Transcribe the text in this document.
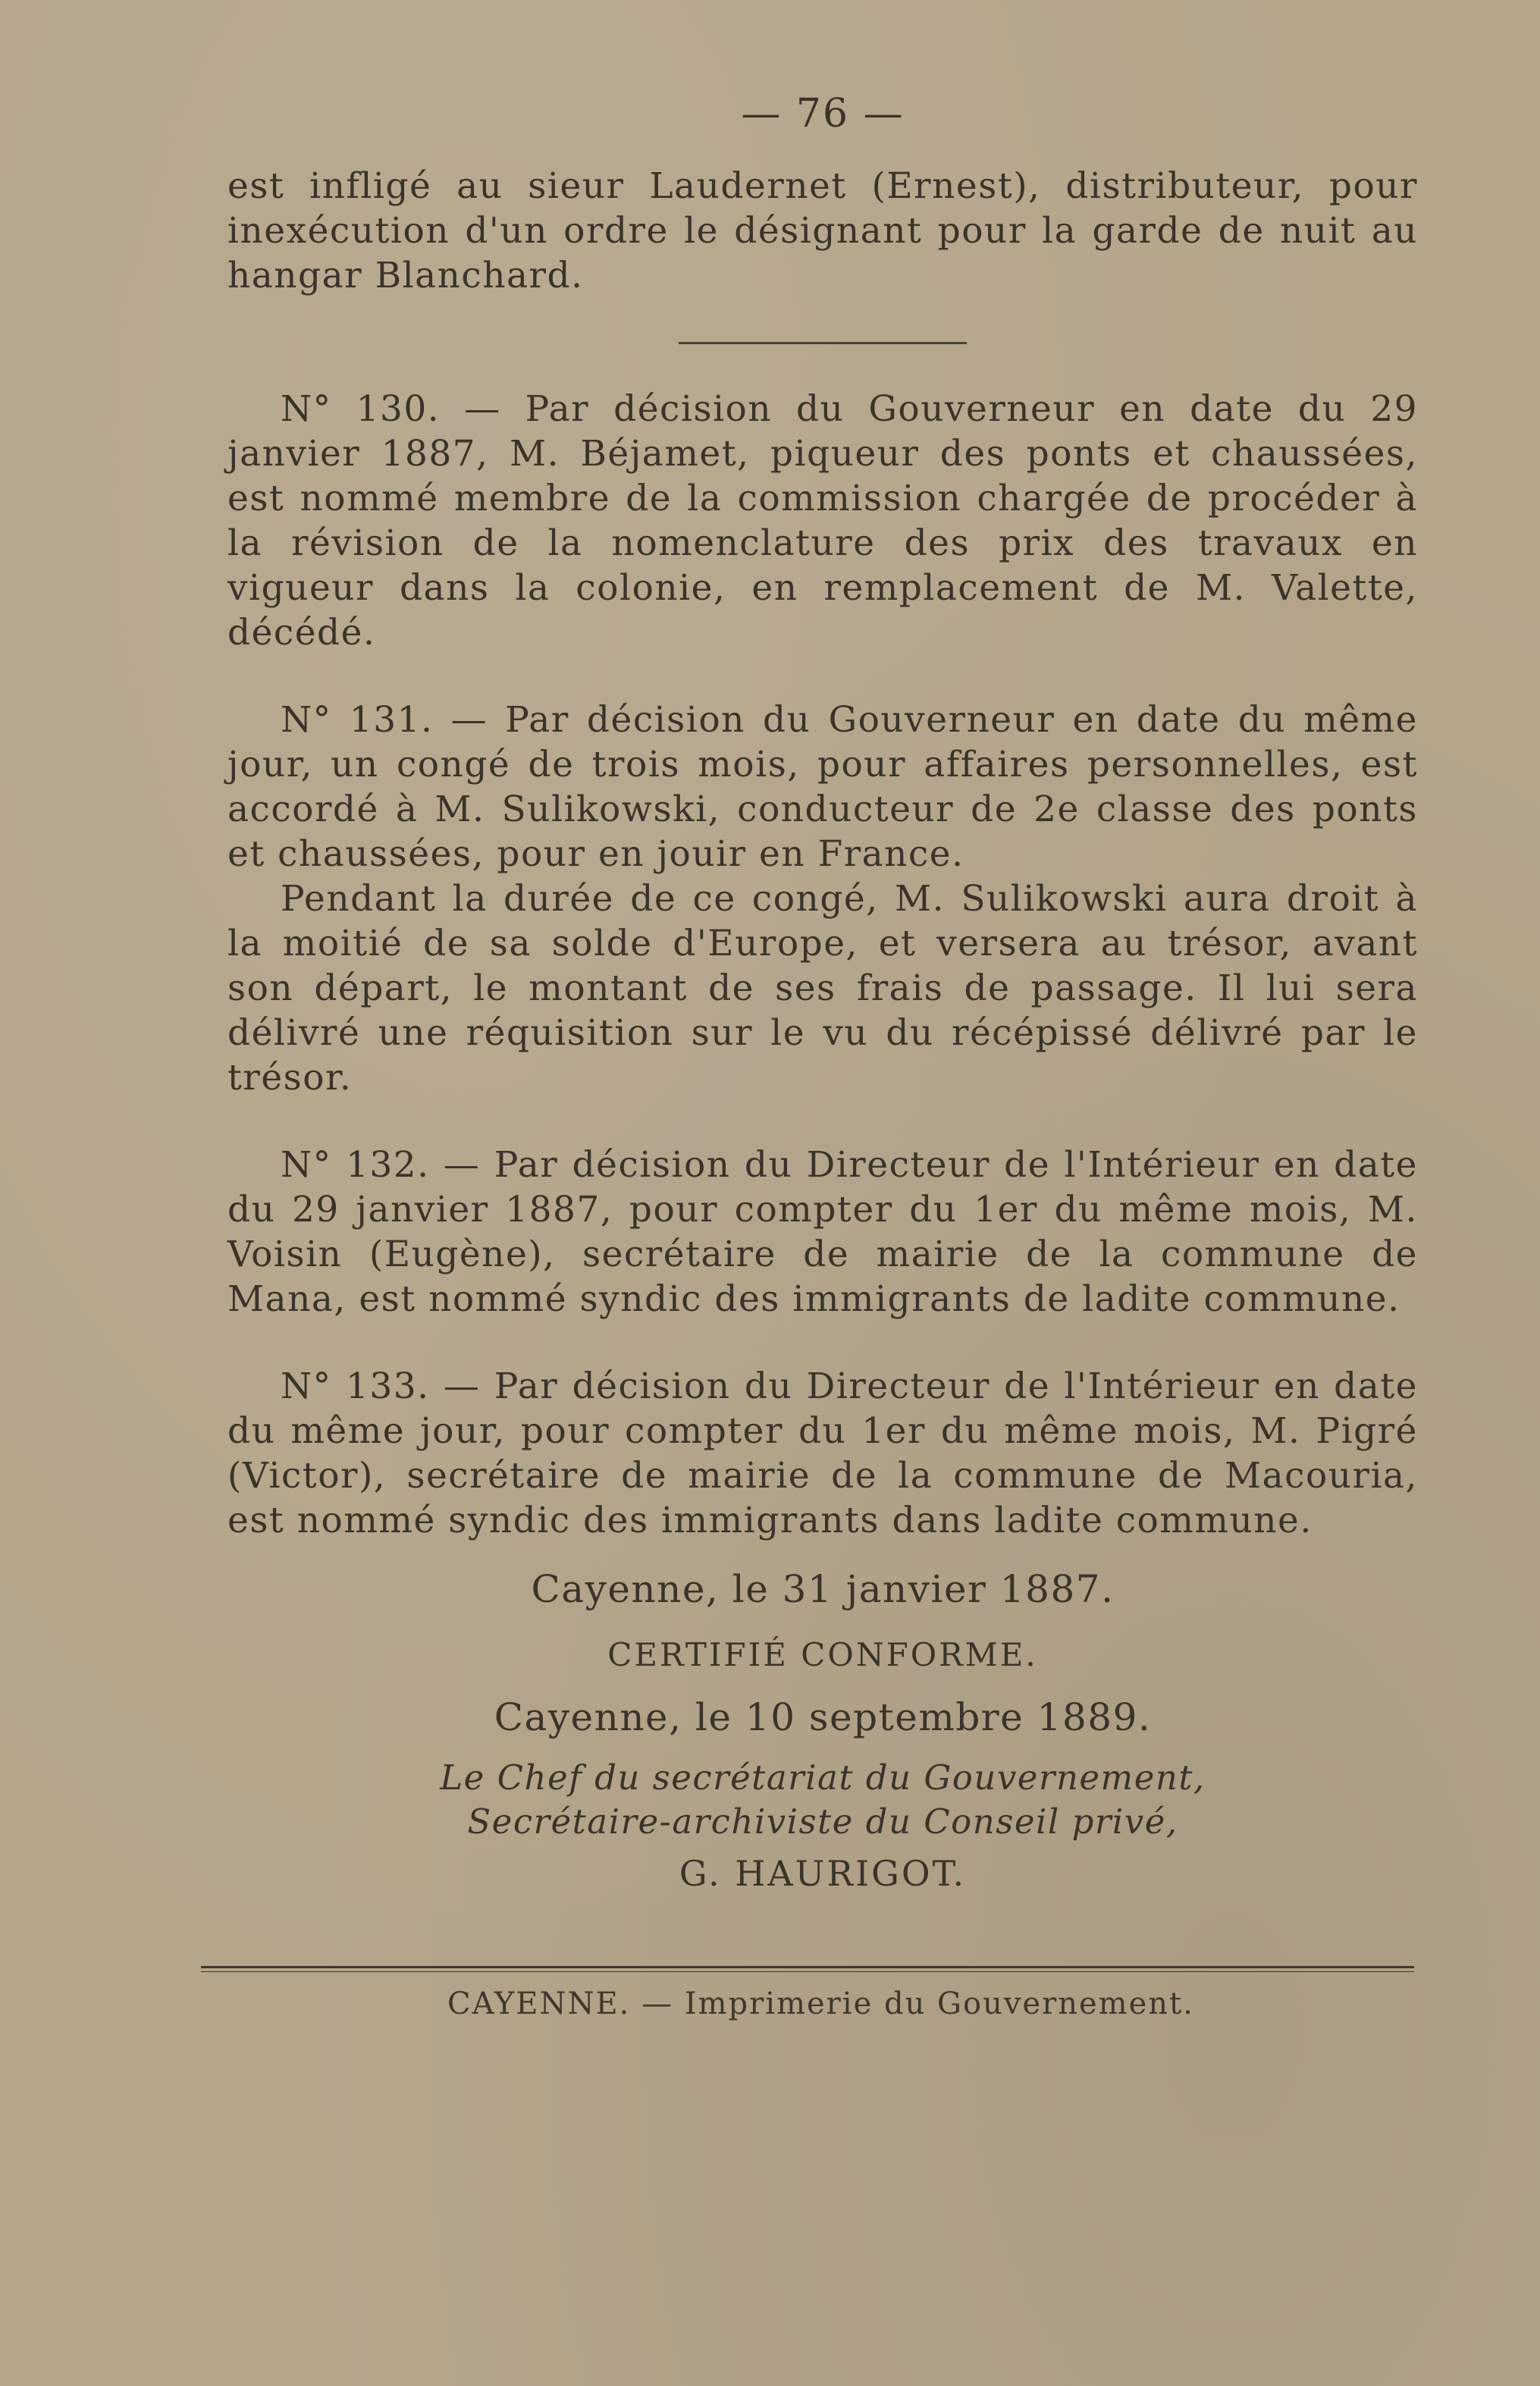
— 76 —

est infligé au sieur Laudernet (Ernest), distributeur, pour inexécution d'un ordre le désignant pour la garde de nuit au hangar Blanchard.

N° 130. — Par décision du Gouverneur en date du 29 janvier 1887, M. Béjamet, piqueur des ponts et chaussées, est nommé membre de la commission chargée de procéder à la révision de la nomenclature des prix des travaux en vigueur dans la colonie, en remplacement de M. Valette, décédé.

N° 131. — Par décision du Gouverneur en date du même jour, un congé de trois mois, pour affaires personnelles, est accordé à M. Sulikowski, conducteur de 2e classe des ponts et chaussées, pour en jouir en France.

Pendant la durée de ce congé, M. Sulikowski aura droit à la moitié de sa solde d'Europe, et versera au trésor, avant son départ, le montant de ses frais de passage. Il lui sera délivré une réquisition sur le vu du récépissé délivré par le trésor.

N° 132. — Par décision du Directeur de l'Intérieur en date du 29 janvier 1887, pour compter du 1er du même mois, M. Voisin (Eugène), secrétaire de mairie de la commune de Mana, est nommé syndic des immigrants de ladite commune.

N° 133. — Par décision du Directeur de l'Intérieur en date du même jour, pour compter du 1er du même mois, M. Pigré (Victor), secrétaire de mairie de la commune de Macouria, est nommé syndic des immigrants dans ladite commune.

Cayenne, le 31 janvier 1887.

CERTIFIÉ CONFORME.

Cayenne, le 10 septembre 1889.

Le Chef du secrétariat du Gouvernement,

Secrétaire-archiviste du Conseil privé,

G. HAURIGOT.

CAYENNE. — Imprimerie du Gouvernement.
